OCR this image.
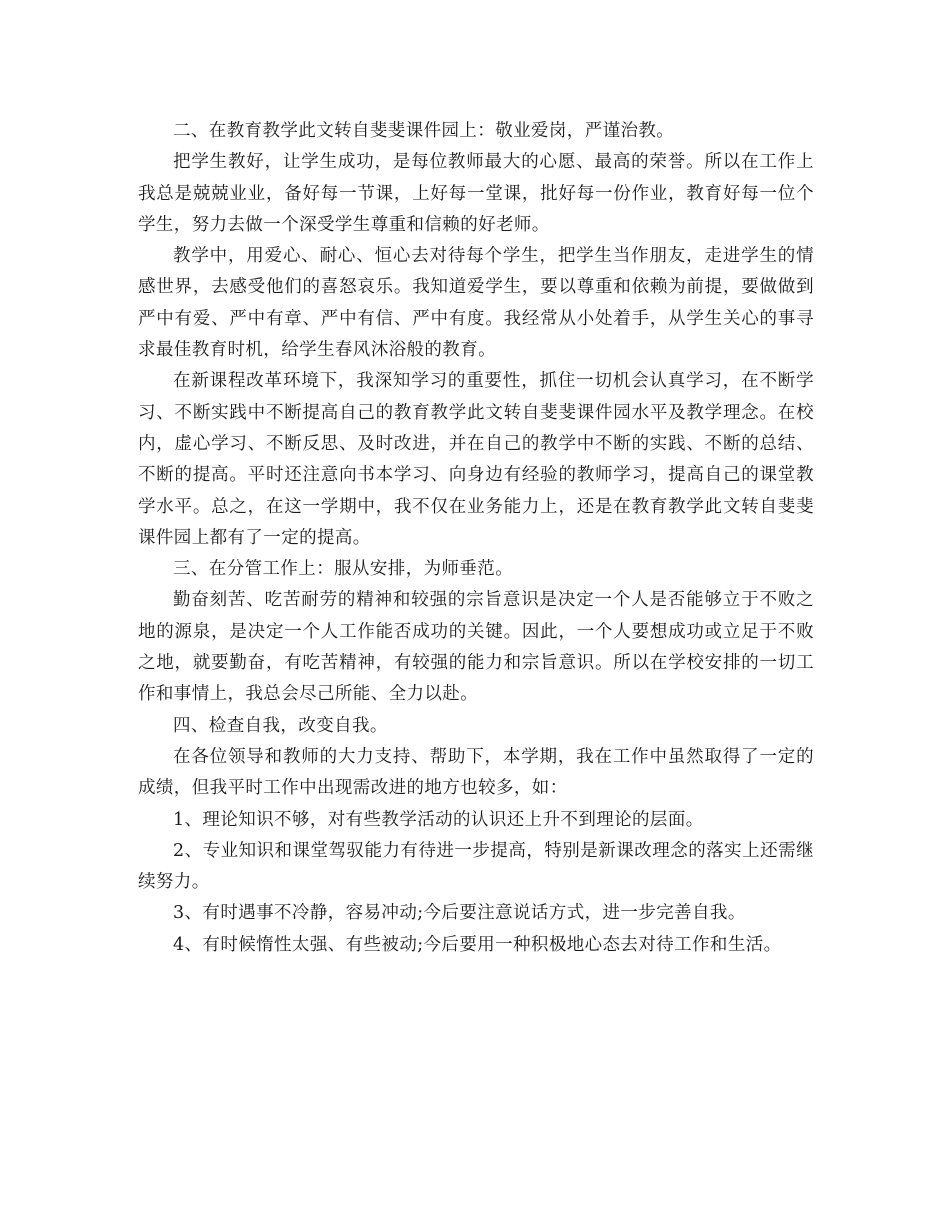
二、在教育教学此文转自斐斐课件园上：敬业爱岗，严谨治教。

把学生教好，让学生成功，是每位教师最大的心愿、最高的荣誉。所以在工作上我总是兢兢业业，备好每一节课，上好每一堂课，批好每一份作业，教育好每一位个学生，努力去做一个深受学生尊重和信赖的好老师。

教学中，用爱心、耐心、恒心去对待每个学生，把学生当作朋友，走进学生的情感世界，去感受他们的喜怒哀乐。我知道爱学生，要以尊重和依赖为前提，要做做到严中有爱、严中有章、严中有信、严中有度。我经常从小处着手，从学生关心的事寻求最佳教育时机，给学生春风沐浴般的教育。

在新课程改革环境下，我深知学习的重要性，抓住一切机会认真学习，在不断学习、不断实践中不断提高自己的教育教学此文转自斐斐课件园水平及教学理念。在校内，虚心学习、不断反思、及时改进，并在自己的教学中不断的实践、不断的总结、不断的提高。平时还注意向书本学习、向身边有经验的教师学习，提高自己的课堂教学水平。总之，在这一学期中，我不仅在业务能力上，还是在教育教学此文转自斐斐课件园上都有了一定的提高。

三、在分管工作上：服从安排，为师垂范。

勤奋刻苦、吃苦耐劳的精神和较强的宗旨意识是决定一个人是否能够立于不败之地的源泉，是决定一个人工作能否成功的关键。因此，一个人要想成功或立足于不败之地，就要勤奋，有吃苦精神，有较强的能力和宗旨意识。所以在学校安排的一切工作和事情上，我总会尽己所能、全力以赴。

四、检查自我，改变自我。

在各位领导和教师的大力支持、帮助下，本学期，我在工作中虽然取得了一定的成绩，但我平时工作中出现需改进的地方也较多，如：

1、理论知识不够，对有些教学活动的认识还上升不到理论的层面。

2、专业知识和课堂驾驭能力有待进一步提高，特别是新课改理念的落实上还需继续努力。

3、有时遇事不冷静，容易冲动;今后要注意说话方式，进一步完善自我。

4、有时候惰性太强、有些被动;今后要用一种积极地心态去对待工作和生活。
